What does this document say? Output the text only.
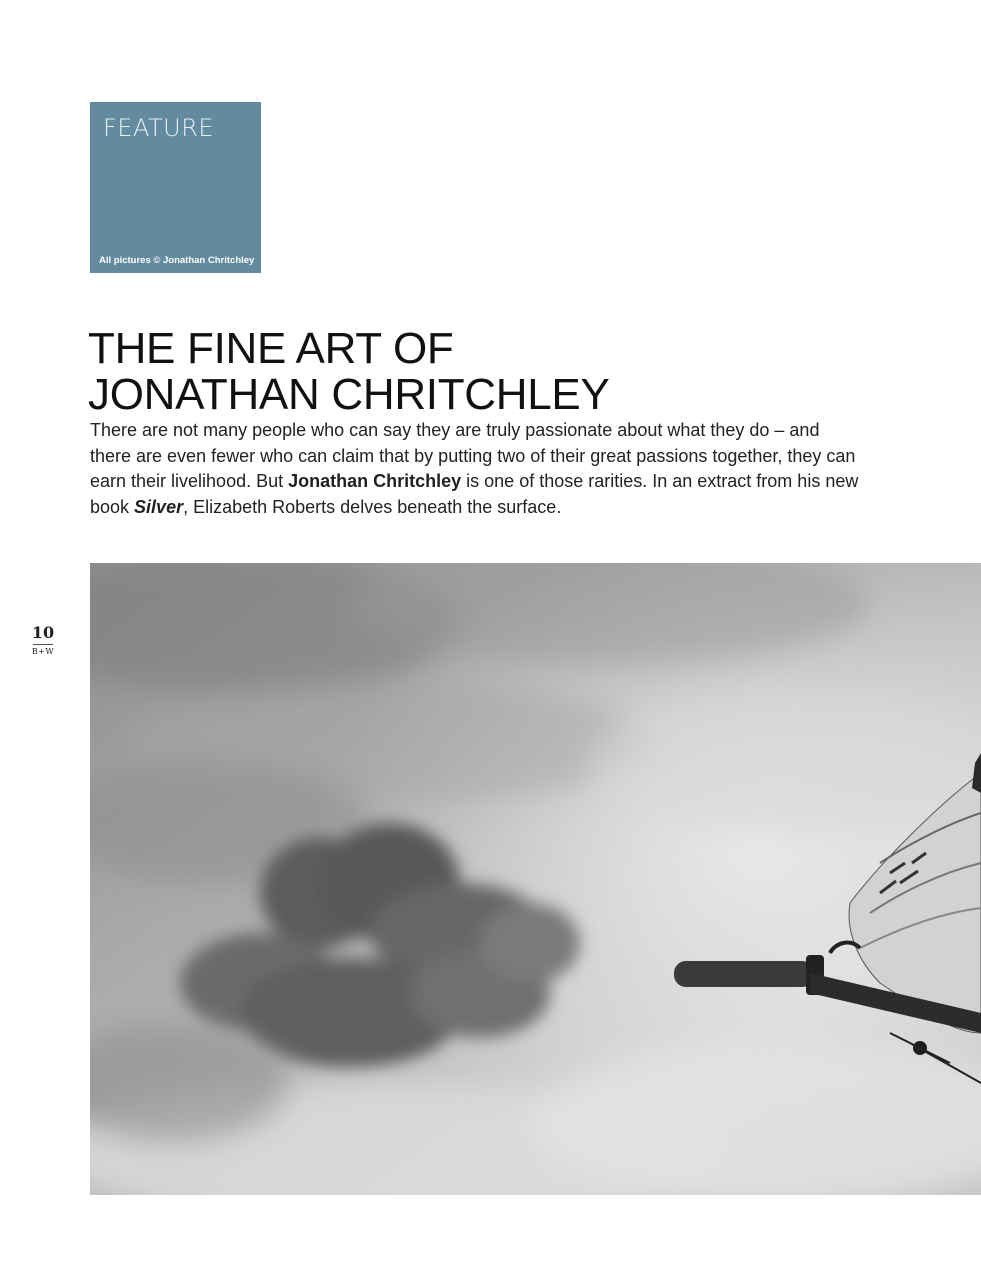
FEATURE
All pictures © Jonathan Chritchley
THE FINE ART OF
JONATHAN CHRITCHLEY

There are not many people who can say they are truly passionate about what they do – and there are even fewer who can claim that by putting two of their great passions together, they can earn their livelihood. But Jonathan Chritchley is one of those rarities. In an extract from his new book Silver, Elizabeth Roberts delves beneath the surface.

10
B+W
